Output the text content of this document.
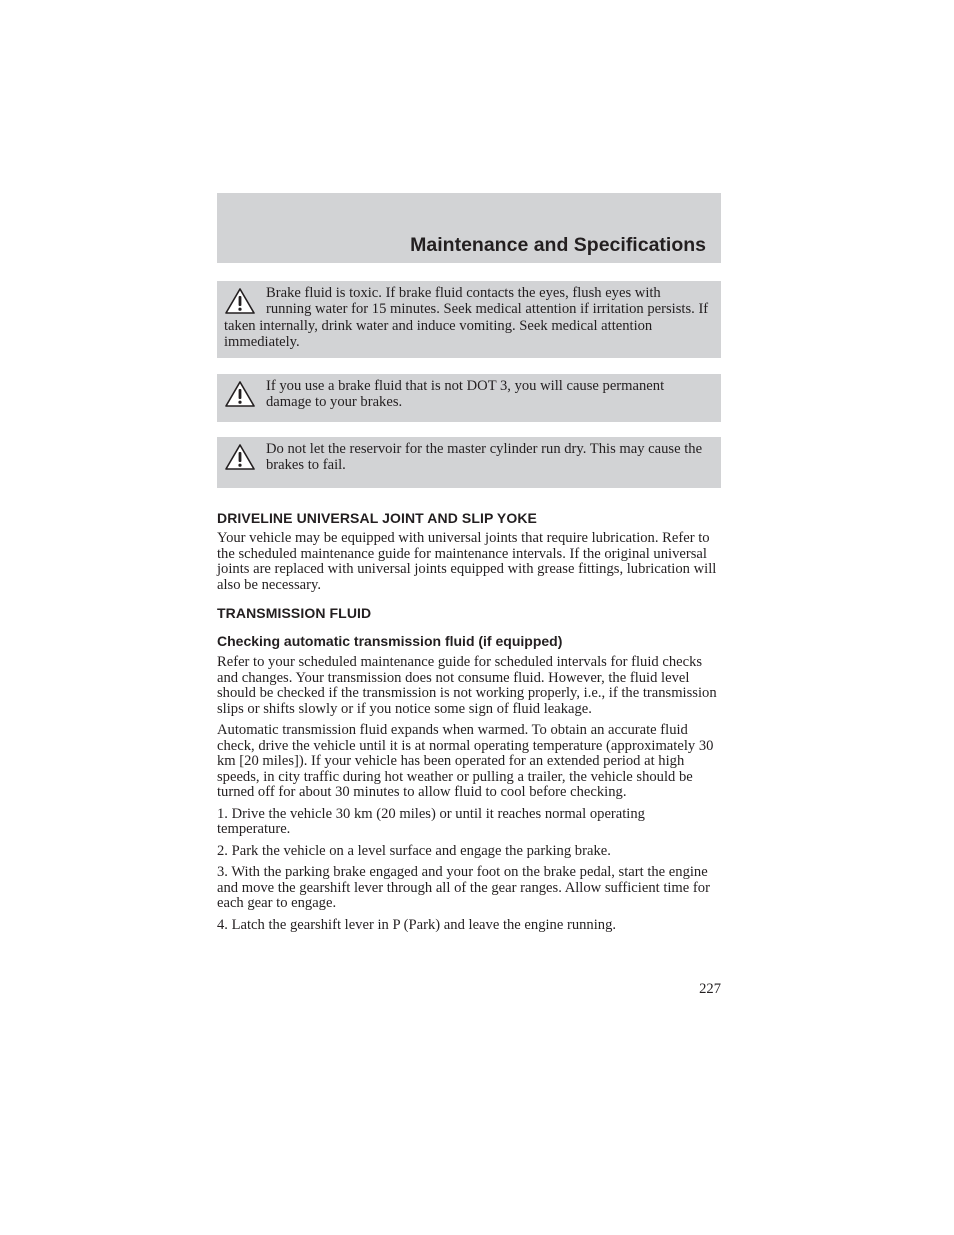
Maintenance and Specifications
Brake fluid is toxic. If brake fluid contacts the eyes, flush eyes with running water for 15 minutes. Seek medical attention if irritation persists. If taken internally, drink water and induce vomiting. Seek medical attention immediately.
If you use a brake fluid that is not DOT 3, you will cause permanent damage to your brakes.
Do not let the reservoir for the master cylinder run dry. This may cause the brakes to fail.
DRIVELINE UNIVERSAL JOINT AND SLIP YOKE

Your vehicle may be equipped with universal joints that require lubrication. Refer to the scheduled maintenance guide for maintenance intervals. If the original universal joints are replaced with universal joints equipped with grease fittings, lubrication will also be necessary.

TRANSMISSION FLUID
Checking automatic transmission fluid (if equipped)

Refer to your scheduled maintenance guide for scheduled intervals for fluid checks and changes. Your transmission does not consume fluid. However, the fluid level should be checked if the transmission is not working properly, i.e., if the transmission slips or shifts slowly or if you notice some sign of fluid leakage.

Automatic transmission fluid expands when warmed. To obtain an accurate fluid check, drive the vehicle until it is at normal operating temperature (approximately 30 km [20 miles]). If your vehicle has been operated for an extended period at high speeds, in city traffic during hot weather or pulling a trailer, the vehicle should be turned off for about 30 minutes to allow fluid to cool before checking.

1. Drive the vehicle 30 km (20 miles) or until it reaches normal operating temperature.

2. Park the vehicle on a level surface and engage the parking brake.

3. With the parking brake engaged and your foot on the brake pedal, start the engine and move the gearshift lever through all of the gear ranges. Allow sufficient time for each gear to engage.

4. Latch the gearshift lever in P (Park) and leave the engine running.

227
